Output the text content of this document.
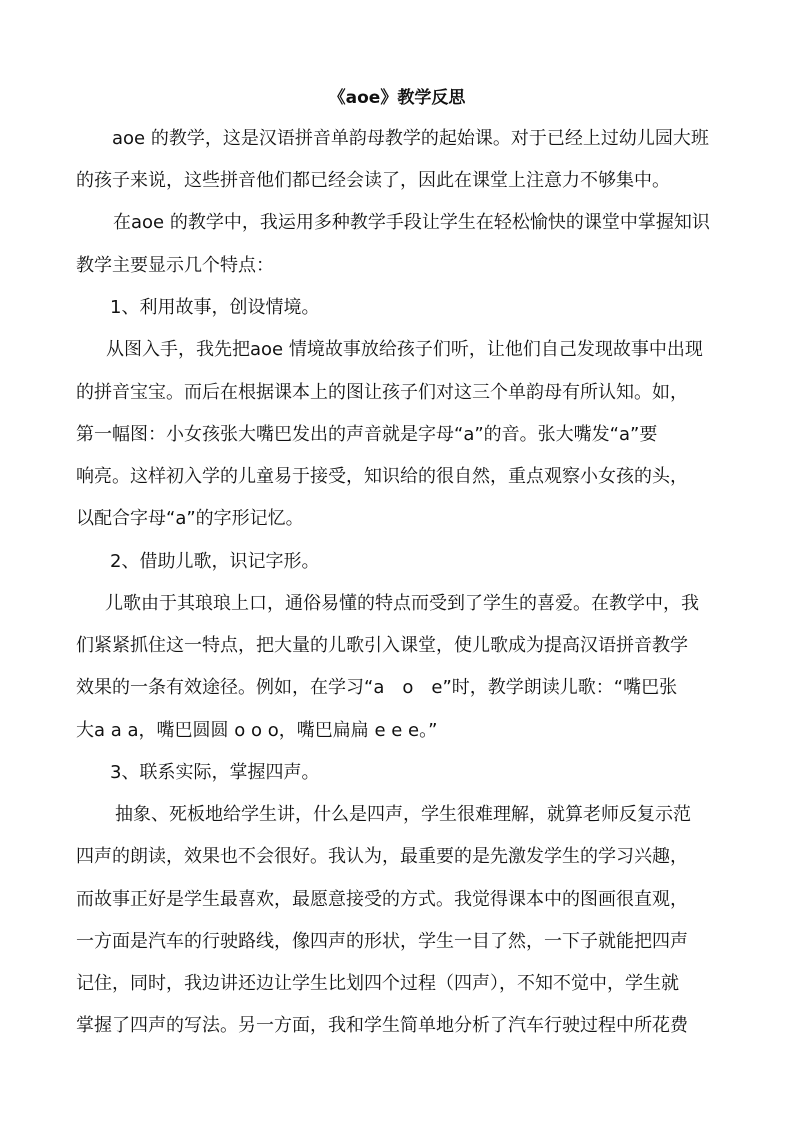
《aoe》教学反思
aoe 的教学，这是汉语拼音单韵母教学的起始课。对于已经上过幼儿园大班
的孩子来说，这些拼音他们都已经会读了，因此在课堂上注意力不够集中。
在aoe 的教学中，我运用多种教学手段让学生在轻松愉快的课堂中掌握知识
教学主要显示几个特点：
1、利用故事，创设情境。
从图入手，我先把aoe 情境故事放给孩子们听，让他们自己发现故事中出现
的拼音宝宝。而后在根据课本上的图让孩子们对这三个单韵母有所认知。如，
第一幅图：小女孩张大嘴巴发出的声音就是字母“a”的音。张大嘴发“a”要
响亮。这样初入学的儿童易于接受，知识给的很自然，重点观察小女孩的头，
以配合字母“a”的字形记忆。
2、借助儿歌，识记字形。
儿歌由于其琅琅上口，通俗易懂的特点而受到了学生的喜爱。在教学中，我
们紧紧抓住这一特点，把大量的儿歌引入课堂，使儿歌成为提高汉语拼音教学
效果的一条有效途径。例如，在学习“a　o　e”时，教学朗读儿歌：“嘴巴张
大a a a，嘴巴圆圆 o o o，嘴巴扁扁 e e e。”
3、联系实际，掌握四声。
抽象、死板地给学生讲，什么是四声，学生很难理解，就算老师反复示范
四声的朗读，效果也不会很好。我认为，最重要的是先激发学生的学习兴趣，
而故事正好是学生最喜欢，最愿意接受的方式。我觉得课本中的图画很直观，
一方面是汽车的行驶路线，像四声的形状，学生一目了然，一下子就能把四声
记住，同时，我边讲还边让学生比划四个过程（四声），不知不觉中，学生就
掌握了四声的写法。另一方面，我和学生简单地分析了汽车行驶过程中所花费
